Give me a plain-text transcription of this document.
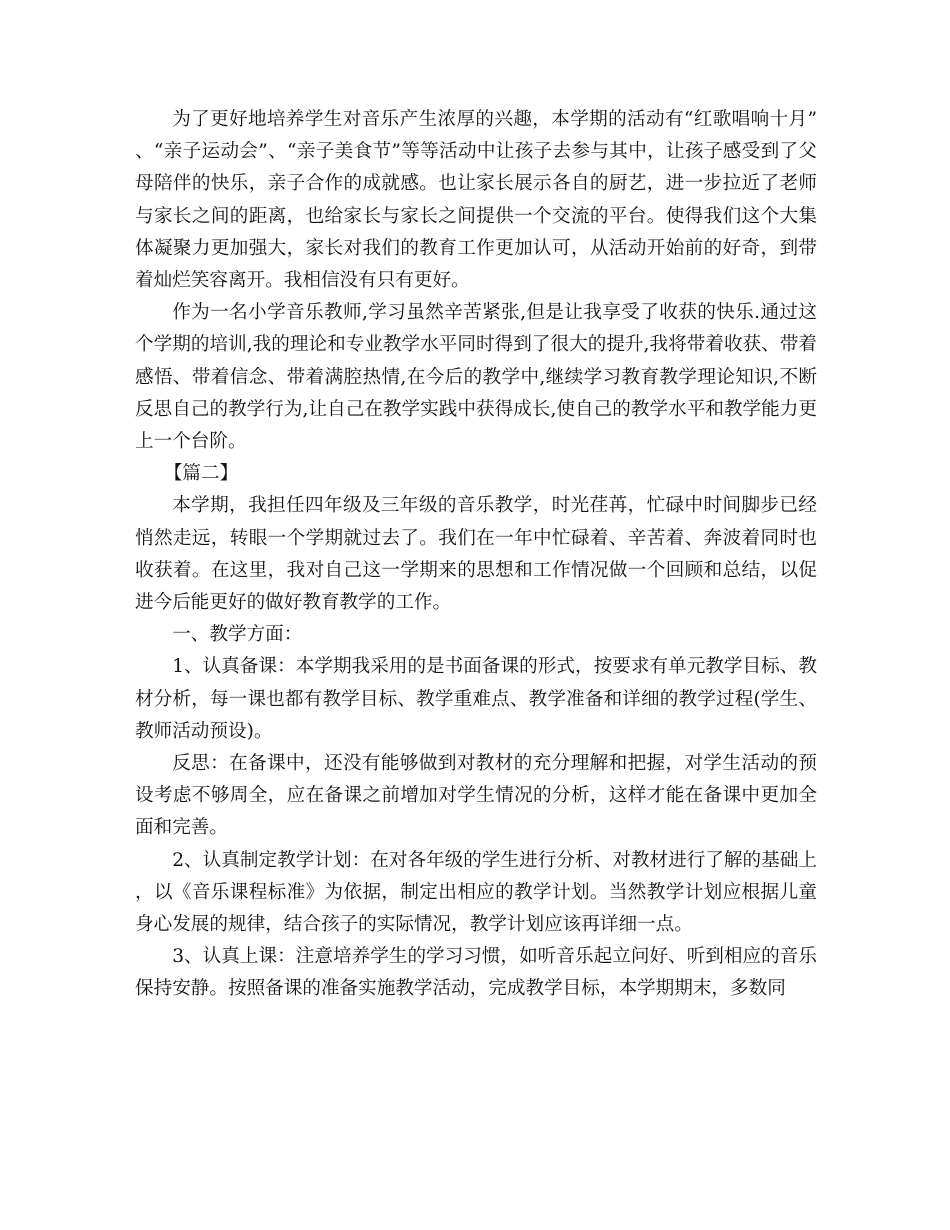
为了更好地培养学生对音乐产生浓厚的兴趣，本学期的活动有“红歌唱响十月”、“亲子运动会”、“亲子美食节”等等活动中让孩子去参与其中，让孩子感受到了父母陪伴的快乐，亲子合作的成就感。也让家长展示各自的厨艺，进一步拉近了老师与家长之间的距离，也给家长与家长之间提供一个交流的平台。使得我们这个大集体凝聚力更加强大，家长对我们的教育工作更加认可，从活动开始前的好奇，到带着灿烂笑容离开。我相信没有只有更好。

作为一名小学音乐教师,学习虽然辛苦紧张,但是让我享受了收获的快乐.通过这个学期的培训,我的理论和专业教学水平同时得到了很大的提升,我将带着收获、带着感悟、带着信念、带着满腔热情,在今后的教学中,继续学习教育教学理论知识,不断反思自己的教学行为,让自己在教学实践中获得成长,使自己的教学水平和教学能力更上一个台阶。

【篇二】

本学期，我担任四年级及三年级的音乐教学，时光荏苒，忙碌中时间脚步已经悄然走远，转眼一个学期就过去了。我们在一年中忙碌着、辛苦着、奔波着同时也收获着。在这里，我对自己这一学期来的思想和工作情况做一个回顾和总结，以促进今后能更好的做好教育教学的工作。

一、教学方面：

1、认真备课：本学期我采用的是书面备课的形式，按要求有单元教学目标、教材分析，每一课也都有教学目标、教学重难点、教学准备和详细的教学过程(学生、教师活动预设)。

反思：在备课中，还没有能够做到对教材的充分理解和把握，对学生活动的预设考虑不够周全，应在备课之前增加对学生情况的分析，这样才能在备课中更加全面和完善。

2、认真制定教学计划：在对各年级的学生进行分析、对教材进行了解的基础上，以《音乐课程标准》为依据，制定出相应的教学计划。当然教学计划应根据儿童身心发展的规律，结合孩子的实际情况，教学计划应该再详细一点。

3、认真上课：注意培养学生的学习习惯，如听音乐起立问好、听到相应的音乐保持安静。按照备课的准备实施教学活动，完成教学目标，本学期期末，多数同
